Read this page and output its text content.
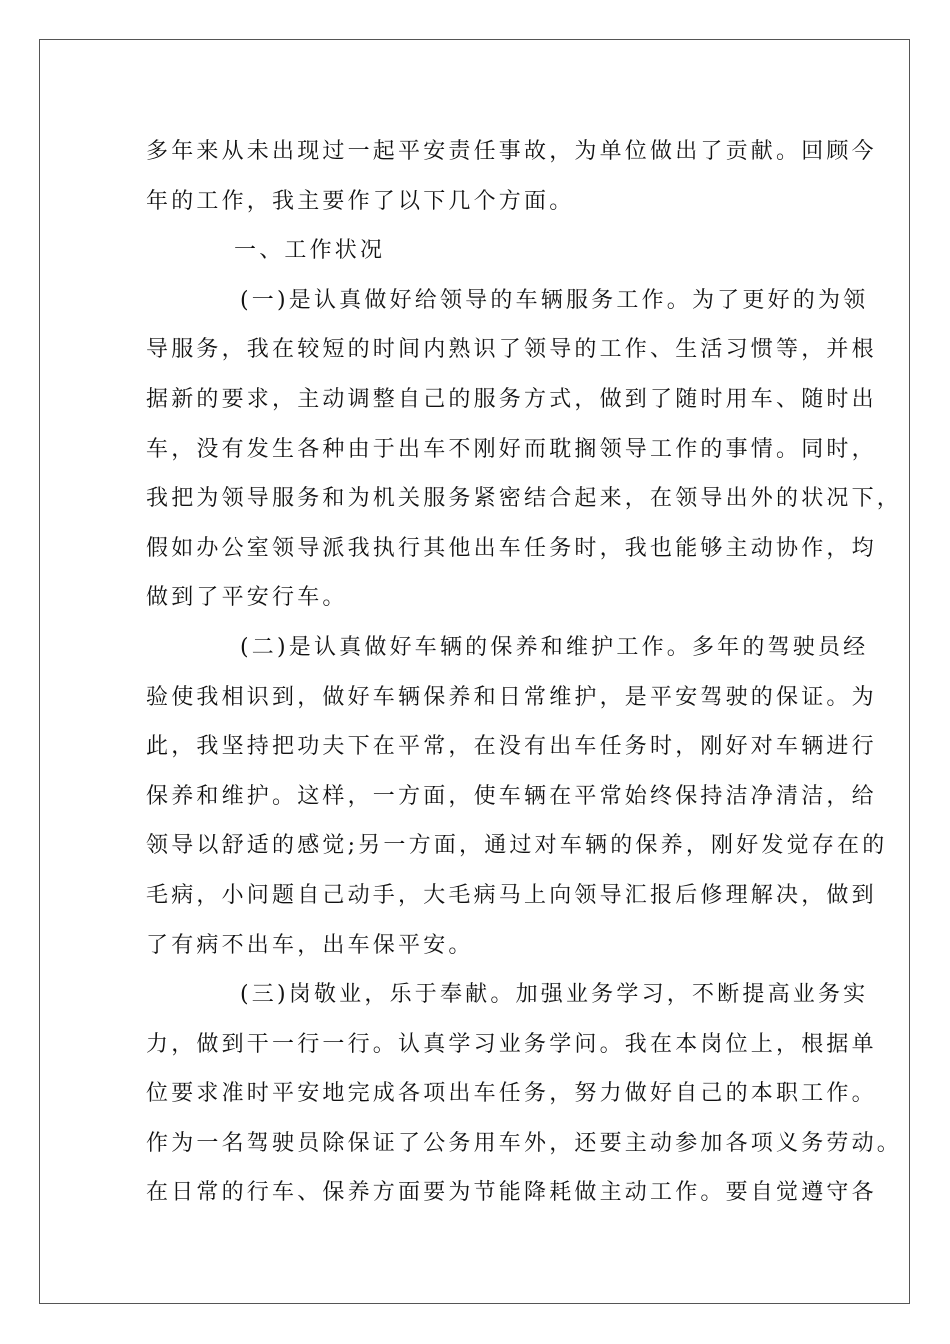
多年来从未出现过一起平安责任事故，为单位做出了贡献。回顾今
年的工作，我主要作了以下几个方面。
一、工作状况
(一)是认真做好给领导的车辆服务工作。为了更好的为领
导服务，我在较短的时间内熟识了领导的工作、生活习惯等，并根
据新的要求，主动调整自己的服务方式，做到了随时用车、随时出
车，没有发生各种由于出车不刚好而耽搁领导工作的事情。同时，
我把为领导服务和为机关服务紧密结合起来，在领导出外的状况下，
假如办公室领导派我执行其他出车任务时，我也能够主动协作，均
做到了平安行车。
(二)是认真做好车辆的保养和维护工作。多年的驾驶员经
验使我相识到，做好车辆保养和日常维护，是平安驾驶的保证。为
此，我坚持把功夫下在平常，在没有出车任务时，刚好对车辆进行
保养和维护。这样，一方面，使车辆在平常始终保持洁净清洁，给
领导以舒适的感觉;另一方面，通过对车辆的保养，刚好发觉存在的
毛病，小问题自己动手，大毛病马上向领导汇报后修理解决，做到
了有病不出车，出车保平安。
(三)岗敬业，乐于奉献。加强业务学习，不断提高业务实
力，做到干一行一行。认真学习业务学问。我在本岗位上，根据单
位要求准时平安地完成各项出车任务，努力做好自己的本职工作。
作为一名驾驶员除保证了公务用车外，还要主动参加各项义务劳动。
在日常的行车、保养方面要为节能降耗做主动工作。要自觉遵守各
